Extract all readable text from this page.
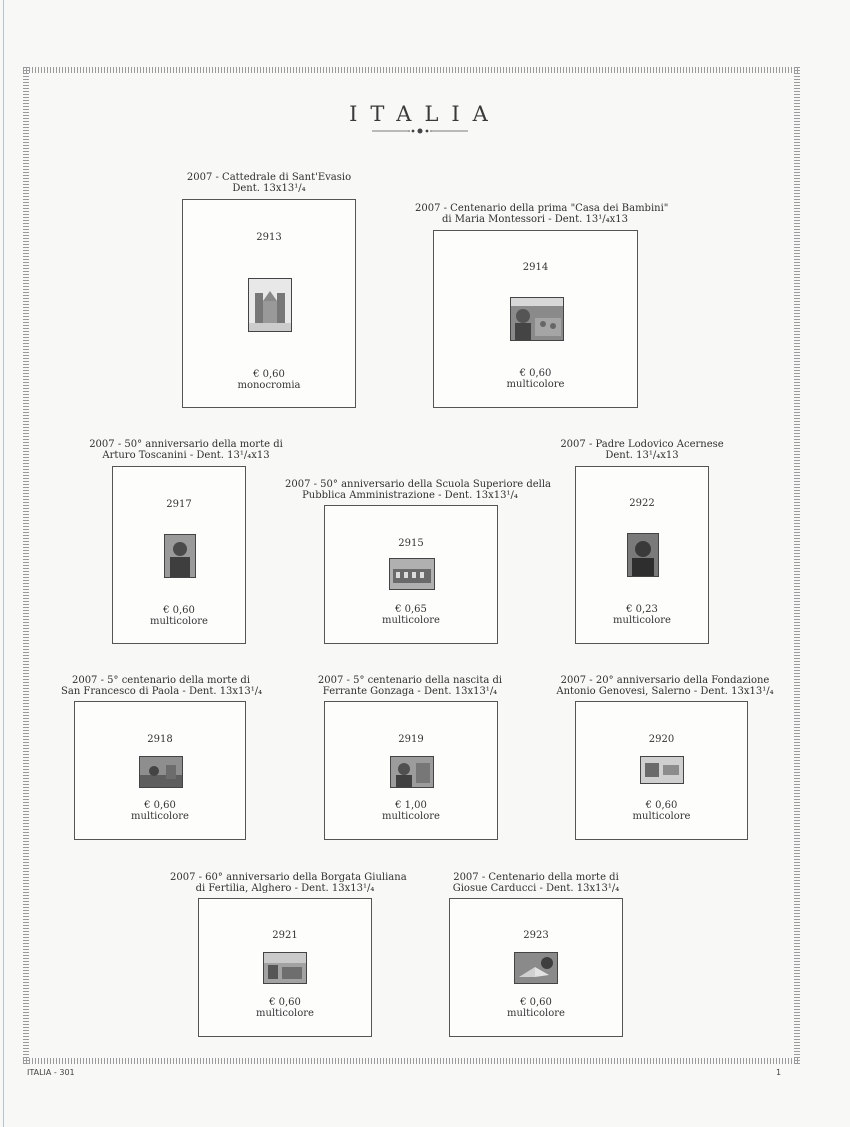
ITALIA
2007 - Cattedrale di Sant'Evasio
Dent. 13x13¹/₄
2913
€ 0,60
monocromia
2007 - Centenario della prima "Casa dei Bambini"
di Maria Montessori - Dent. 13¹/₄x13
2914
€ 0,60
multicolore
2007 - 50° anniversario della morte di
Arturo Toscanini - Dent. 13¹/₄x13
2917
€ 0,60
multicolore
2007 - 50° anniversario della Scuola Superiore della
Pubblica Amministrazione - Dent. 13x13¹/₄
2915
€ 0,65
multicolore
2007 - Padre Lodovico Acernese
Dent. 13¹/₄x13
2922
€ 0,23
multicolore
2007 - 5° centenario della morte di
San Francesco di Paola - Dent. 13x13¹/₄
2918
€ 0,60
multicolore
2007 - 5° centenario della nascita di
Ferrante Gonzaga - Dent. 13x13¹/₄
2919
€ 1,00
multicolore
2007 - 20° anniversario della Fondazione
Antonio Genovesi, Salerno - Dent. 13x13¹/₄
2920
€ 0,60
multicolore
2007 - 60° anniversario della Borgata Giuliana
di Fertilia, Alghero - Dent. 13x13¹/₄
2921
€ 0,60
multicolore
2007 - Centenario della morte di
Giosue Carducci - Dent. 13x13¹/₄
2923
€ 0,60
multicolore
ITALIA - 301	1
